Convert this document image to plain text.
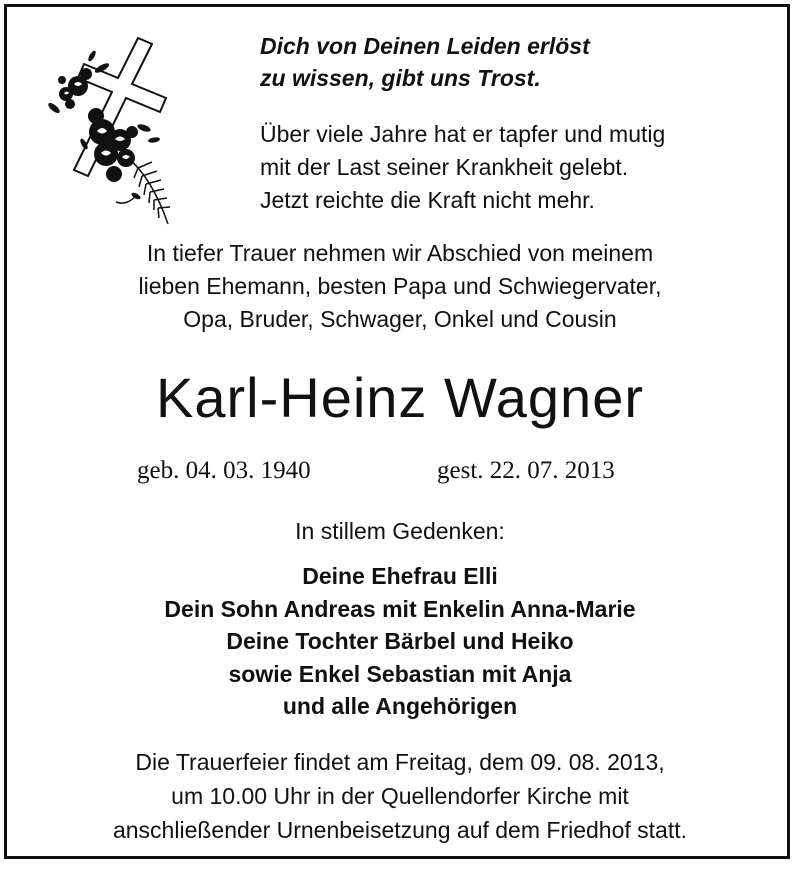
Dich von Deinen Leiden erlöst
zu wissen, gibt uns Trost.
Über viele Jahre hat er tapfer und mutig
mit der Last seiner Krankheit gelebt.
Jetzt reichte die Kraft nicht mehr.
In tiefer Trauer nehmen wir Abschied von meinem
lieben Ehemann, besten Papa und Schwiegervater,
Opa, Bruder, Schwager, Onkel und Cousin
Karl-Heinz Wagner
geb. 04. 03. 1940	gest. 22. 07. 2013
In stillem Gedenken:
Deine Ehefrau Elli
Dein Sohn Andreas mit Enkelin Anna-Marie
Deine Tochter Bärbel und Heiko
sowie Enkel Sebastian mit Anja
und alle Angehörigen
Die Trauerfeier findet am Freitag, dem 09. 08. 2013,
um 10.00 Uhr in der Quellendorfer Kirche mit
anschließender Urnenbeisetzung auf dem Friedhof statt.
